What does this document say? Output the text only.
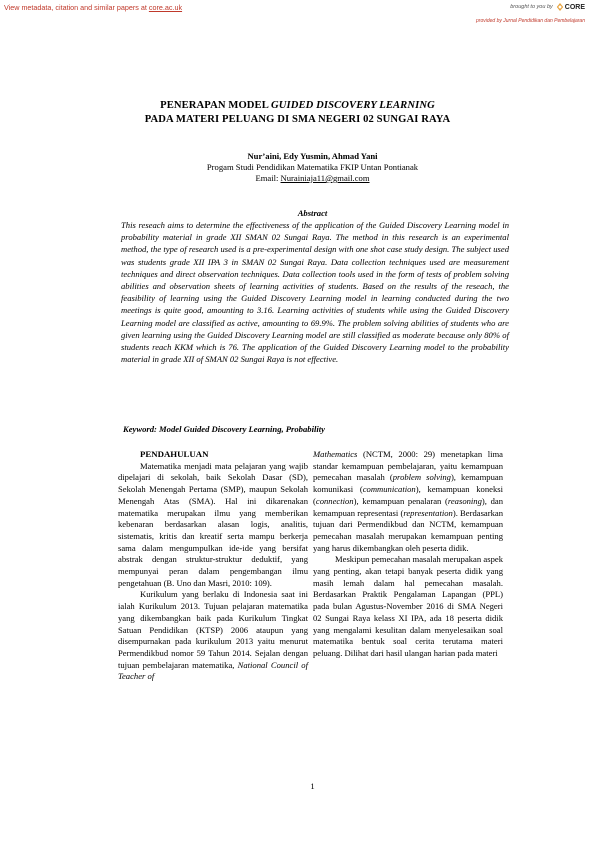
View metadata, citation and similar papers at core.ac.uk	brought to you by CORE
provided by Jurnal Pendidikan dan Pembelajaran
PENERAPAN MODEL GUIDED DISCOVERY LEARNING
PADA MATERI PELUANG DI SMA NEGERI 02 SUNGAI RAYA
Nur’aini, Edy Yusmin, Ahmad Yani
Progam Studi Pendidikan Matematika FKIP Untan Pontianak
Email: Nurainiaja11@gmail.com
Abstract
This reseach aims to determine the effectiveness of the application of the Guided Discovery Learning model in probability material in grade XII SMAN 02 Sungai Raya. The method in this research is an experimental method, the type of research used is a pre-experimental design with one shot case study design. The subject used was students grade XII IPA 3 in SMAN 02 Sungai Raya. Data collection techniques used are measurement techniques and direct observation techniques. Data collection tools used in the form of tests of problem solving abilities and observation sheets of learning activities of students. Based on the results of the reseach, the feasibility of learning using the Guided Discovery Learning model in learning conducted during the two meetings is quite good, amounting to 3.16. Learning activities of students while using the Guided Discovery Learning model are classified as active, amounting to 69.9%. The problem solving abilities of students who are given learning using the Guided Discovery Learning model are still classified as moderate because only 80% of students reach KKM which is 76. The application of the Guided Discovery Learning model to the probability material in grade XII of SMAN 02 Sungai Raya is not effective.
Keyword: Model Guided Discovery Learning, Probability

PENDAHULUAN

Matematika menjadi mata pelajaran yang wajib dipelajari di sekolah, baik Sekolah Dasar (SD), Sekolah Menengah Pertama (SMP), maupun Sekolah Menengah Atas (SMA). Hal ini dikarenakan matematika merupakan ilmu yang memberikan kebenaran berdasarkan alasan logis, analitis, sistematis, kritis dan kreatif serta mampu berkerja sama dalam mengumpulkan ide-ide yang bersifat abstrak dengan struktur-struktur deduktif, yang mempunyai peran dalam pengembangan ilmu pengetahuan (B. Uno dan Masri, 2010: 109).

Kurikulum yang berlaku di Indonesia saat ini ialah Kurikulum 2013. Tujuan pelajaran matematika yang dikembangkan baik pada Kurikulum Tingkat Satuan Pendidikan (KTSP) 2006 ataupun yang disempurnakan pada kurikulum 2013 yaitu menurut Permendikbud nomor 59 Tahun 2014. Sejalan dengan tujuan pembelajaran matematika, National Council of Teacher of

Mathematics (NCTM, 2000: 29) menetapkan lima standar kemampuan pembelajaran, yaitu kemampuan pemecahan masalah (problem solving), kemampuan komunikasi (communication), kemampuan koneksi (connection), kemampuan penalaran (reasoning), dan kemampuan representasi (representation). Berdasarkan tujuan dari Permendikbud dan NCTM, kemampuan pemecahan masalah merupakan kemampuan penting yang harus dikembangkan oleh peserta didik.

Meskipun pemecahan masalah merupakan aspek yang penting, akan tetapi banyak peserta didik yang masih lemah dalam hal pemecahan masalah. Berdasarkan Praktik Pengalaman Lapangan (PPL) pada bulan Agustus-November 2016 di SMA Negeri 02 Sungai Raya kelass XI IPA, ada 18 peserta didik yang mengalami kesulitan dalam menyelesaikan soal matematika bentuk soal cerita terutama materi peluang. Dilihat dari hasil ulangan harian pada materi

1
